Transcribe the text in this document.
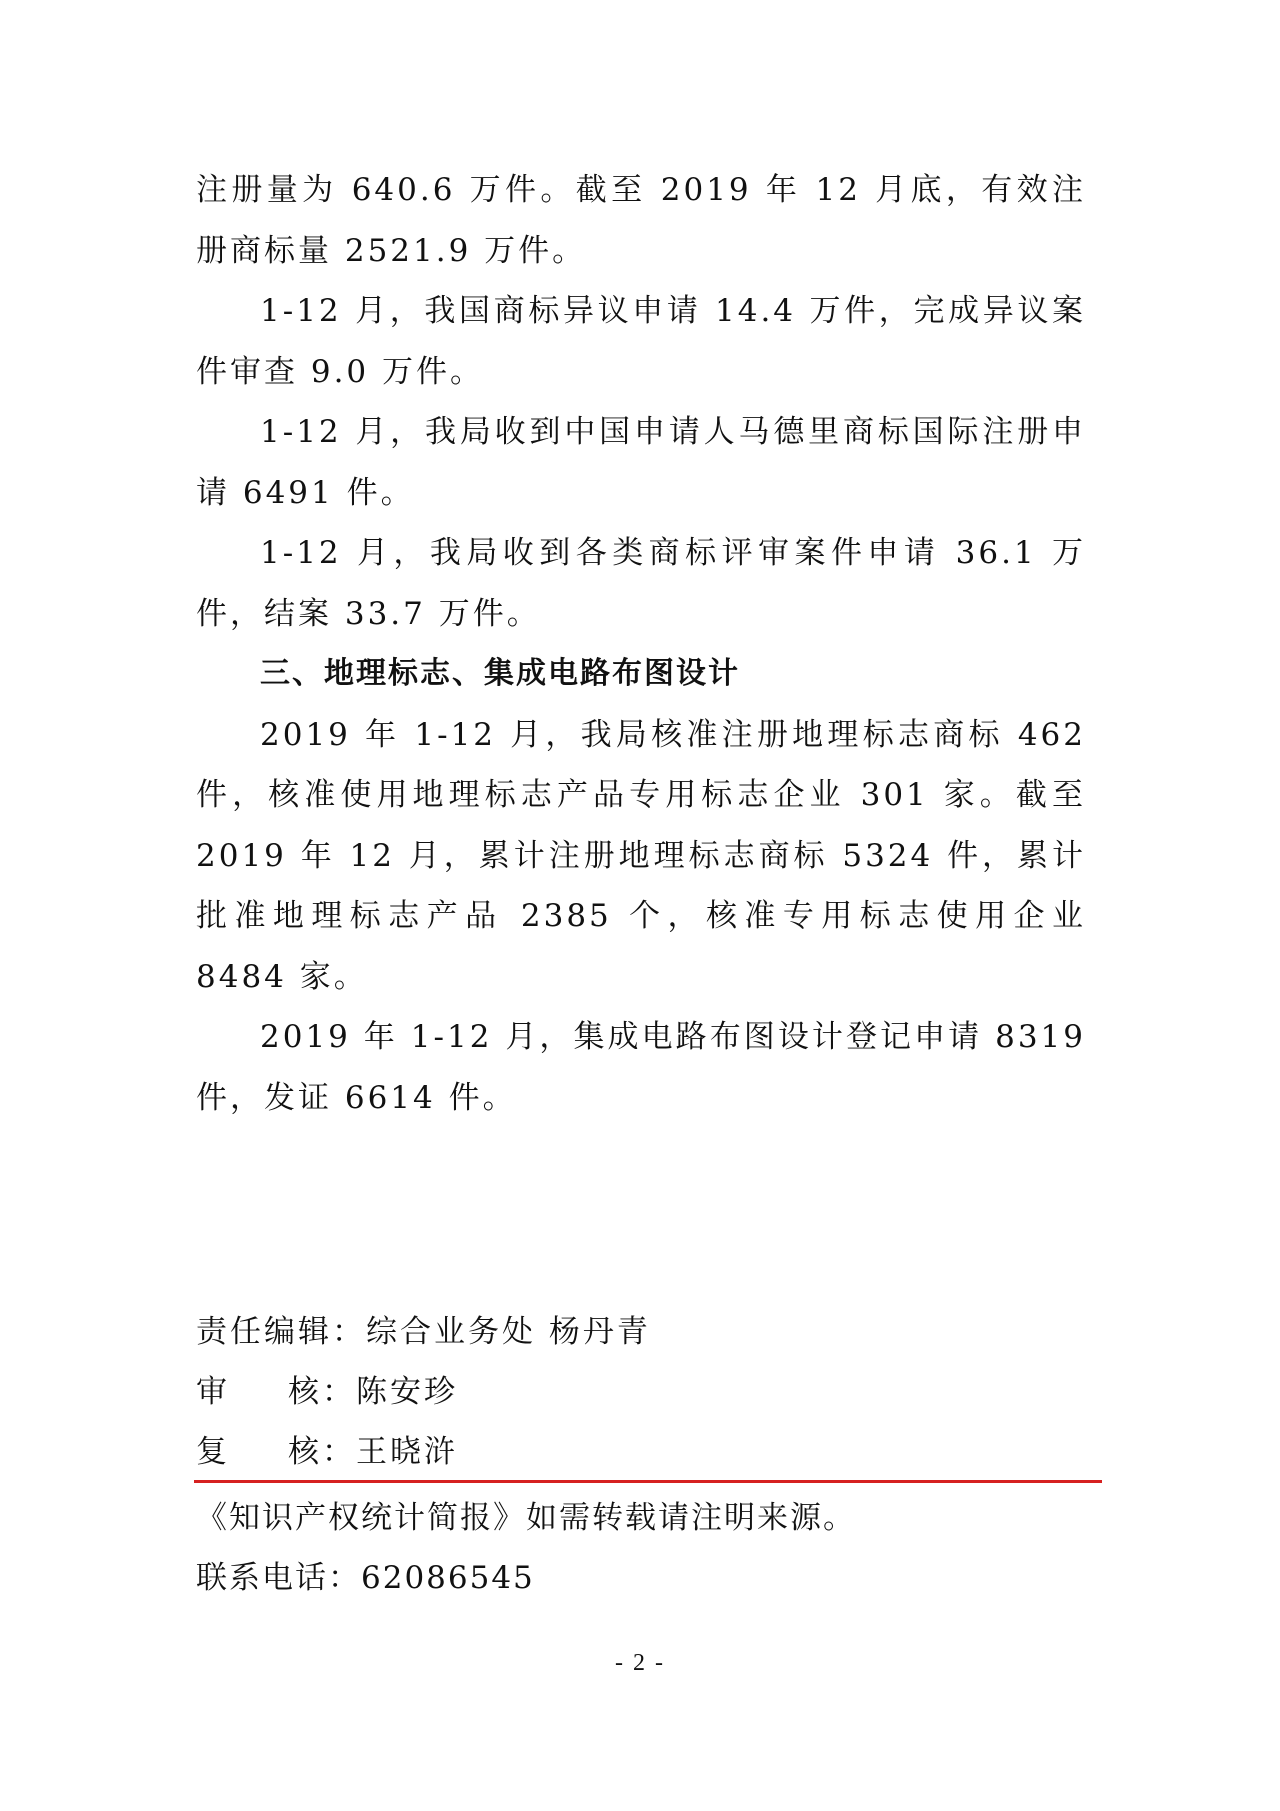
注册量为 640.6 万件。截至 2019 年 12 月底，有效注册商标量 2521.9 万件。

1-12 月，我国商标异议申请 14.4 万件，完成异议案件审查 9.0 万件。

1-12 月，我局收到中国申请人马德里商标国际注册申请 6491 件。

1-12 月，我局收到各类商标评审案件申请 36.1 万件，结案 33.7 万件。

三、地理标志、集成电路布图设计

2019 年 1-12 月，我局核准注册地理标志商标 462 件，核准使用地理标志产品专用标志企业 301 家。截至 2019 年 12 月，累计注册地理标志商标 5324 件，累计批准地理标志产品 2385 个，核准专用标志使用企业 8484 家。

2019 年 1-12 月，集成电路布图设计登记申请 8319 件，发证 6614 件。

责任编辑： 综合业务处 杨丹青
审 核： 陈安珍
复 核： 王晓浒
《知识产权统计简报》如需转载请注明来源。
联系电话：62086545
- 2 -
